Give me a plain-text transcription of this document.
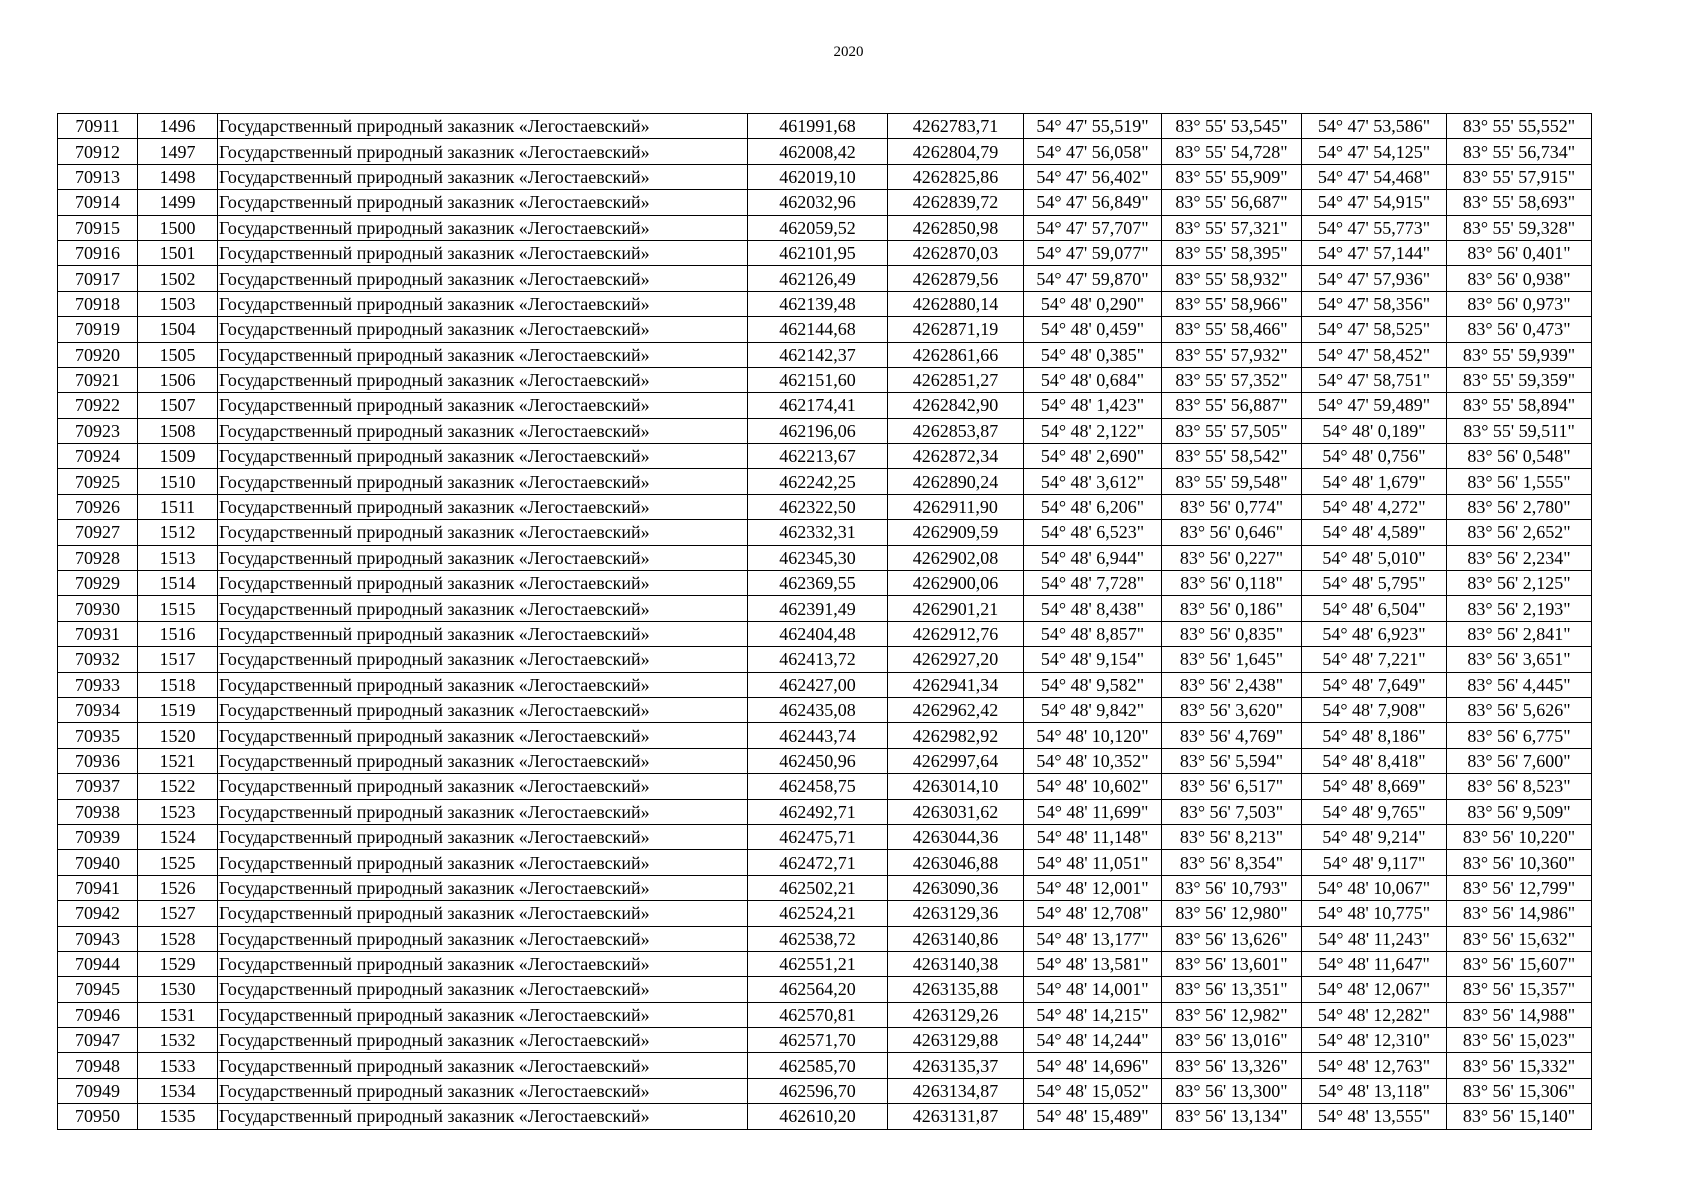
2020
70911	1496	Государственный природный заказник «Легостаевский»	461991,68	4262783,71	54° 47' 55,519"	83° 55' 53,545"	54° 47' 53,586"	83° 55' 55,552"
70912	1497	Государственный природный заказник «Легостаевский»	462008,42	4262804,79	54° 47' 56,058"	83° 55' 54,728"	54° 47' 54,125"	83° 55' 56,734"
70913	1498	Государственный природный заказник «Легостаевский»	462019,10	4262825,86	54° 47' 56,402"	83° 55' 55,909"	54° 47' 54,468"	83° 55' 57,915"
70914	1499	Государственный природный заказник «Легостаевский»	462032,96	4262839,72	54° 47' 56,849"	83° 55' 56,687"	54° 47' 54,915"	83° 55' 58,693"
70915	1500	Государственный природный заказник «Легостаевский»	462059,52	4262850,98	54° 47' 57,707"	83° 55' 57,321"	54° 47' 55,773"	83° 55' 59,328"
70916	1501	Государственный природный заказник «Легостаевский»	462101,95	4262870,03	54° 47' 59,077"	83° 55' 58,395"	54° 47' 57,144"	83° 56' 0,401"
70917	1502	Государственный природный заказник «Легостаевский»	462126,49	4262879,56	54° 47' 59,870"	83° 55' 58,932"	54° 47' 57,936"	83° 56' 0,938"
70918	1503	Государственный природный заказник «Легостаевский»	462139,48	4262880,14	54° 48' 0,290"	83° 55' 58,966"	54° 47' 58,356"	83° 56' 0,973"
70919	1504	Государственный природный заказник «Легостаевский»	462144,68	4262871,19	54° 48' 0,459"	83° 55' 58,466"	54° 47' 58,525"	83° 56' 0,473"
70920	1505	Государственный природный заказник «Легостаевский»	462142,37	4262861,66	54° 48' 0,385"	83° 55' 57,932"	54° 47' 58,452"	83° 55' 59,939"
70921	1506	Государственный природный заказник «Легостаевский»	462151,60	4262851,27	54° 48' 0,684"	83° 55' 57,352"	54° 47' 58,751"	83° 55' 59,359"
70922	1507	Государственный природный заказник «Легостаевский»	462174,41	4262842,90	54° 48' 1,423"	83° 55' 56,887"	54° 47' 59,489"	83° 55' 58,894"
70923	1508	Государственный природный заказник «Легостаевский»	462196,06	4262853,87	54° 48' 2,122"	83° 55' 57,505"	54° 48' 0,189"	83° 55' 59,511"
70924	1509	Государственный природный заказник «Легостаевский»	462213,67	4262872,34	54° 48' 2,690"	83° 55' 58,542"	54° 48' 0,756"	83° 56' 0,548"
70925	1510	Государственный природный заказник «Легостаевский»	462242,25	4262890,24	54° 48' 3,612"	83° 55' 59,548"	54° 48' 1,679"	83° 56' 1,555"
70926	1511	Государственный природный заказник «Легостаевский»	462322,50	4262911,90	54° 48' 6,206"	83° 56' 0,774"	54° 48' 4,272"	83° 56' 2,780"
70927	1512	Государственный природный заказник «Легостаевский»	462332,31	4262909,59	54° 48' 6,523"	83° 56' 0,646"	54° 48' 4,589"	83° 56' 2,652"
70928	1513	Государственный природный заказник «Легостаевский»	462345,30	4262902,08	54° 48' 6,944"	83° 56' 0,227"	54° 48' 5,010"	83° 56' 2,234"
70929	1514	Государственный природный заказник «Легостаевский»	462369,55	4262900,06	54° 48' 7,728"	83° 56' 0,118"	54° 48' 5,795"	83° 56' 2,125"
70930	1515	Государственный природный заказник «Легостаевский»	462391,49	4262901,21	54° 48' 8,438"	83° 56' 0,186"	54° 48' 6,504"	83° 56' 2,193"
70931	1516	Государственный природный заказник «Легостаевский»	462404,48	4262912,76	54° 48' 8,857"	83° 56' 0,835"	54° 48' 6,923"	83° 56' 2,841"
70932	1517	Государственный природный заказник «Легостаевский»	462413,72	4262927,20	54° 48' 9,154"	83° 56' 1,645"	54° 48' 7,221"	83° 56' 3,651"
70933	1518	Государственный природный заказник «Легостаевский»	462427,00	4262941,34	54° 48' 9,582"	83° 56' 2,438"	54° 48' 7,649"	83° 56' 4,445"
70934	1519	Государственный природный заказник «Легостаевский»	462435,08	4262962,42	54° 48' 9,842"	83° 56' 3,620"	54° 48' 7,908"	83° 56' 5,626"
70935	1520	Государственный природный заказник «Легостаевский»	462443,74	4262982,92	54° 48' 10,120"	83° 56' 4,769"	54° 48' 8,186"	83° 56' 6,775"
70936	1521	Государственный природный заказник «Легостаевский»	462450,96	4262997,64	54° 48' 10,352"	83° 56' 5,594"	54° 48' 8,418"	83° 56' 7,600"
70937	1522	Государственный природный заказник «Легостаевский»	462458,75	4263014,10	54° 48' 10,602"	83° 56' 6,517"	54° 48' 8,669"	83° 56' 8,523"
70938	1523	Государственный природный заказник «Легостаевский»	462492,71	4263031,62	54° 48' 11,699"	83° 56' 7,503"	54° 48' 9,765"	83° 56' 9,509"
70939	1524	Государственный природный заказник «Легостаевский»	462475,71	4263044,36	54° 48' 11,148"	83° 56' 8,213"	54° 48' 9,214"	83° 56' 10,220"
70940	1525	Государственный природный заказник «Легостаевский»	462472,71	4263046,88	54° 48' 11,051"	83° 56' 8,354"	54° 48' 9,117"	83° 56' 10,360"
70941	1526	Государственный природный заказник «Легостаевский»	462502,21	4263090,36	54° 48' 12,001"	83° 56' 10,793"	54° 48' 10,067"	83° 56' 12,799"
70942	1527	Государственный природный заказник «Легостаевский»	462524,21	4263129,36	54° 48' 12,708"	83° 56' 12,980"	54° 48' 10,775"	83° 56' 14,986"
70943	1528	Государственный природный заказник «Легостаевский»	462538,72	4263140,86	54° 48' 13,177"	83° 56' 13,626"	54° 48' 11,243"	83° 56' 15,632"
70944	1529	Государственный природный заказник «Легостаевский»	462551,21	4263140,38	54° 48' 13,581"	83° 56' 13,601"	54° 48' 11,647"	83° 56' 15,607"
70945	1530	Государственный природный заказник «Легостаевский»	462564,20	4263135,88	54° 48' 14,001"	83° 56' 13,351"	54° 48' 12,067"	83° 56' 15,357"
70946	1531	Государственный природный заказник «Легостаевский»	462570,81	4263129,26	54° 48' 14,215"	83° 56' 12,982"	54° 48' 12,282"	83° 56' 14,988"
70947	1532	Государственный природный заказник «Легостаевский»	462571,70	4263129,88	54° 48' 14,244"	83° 56' 13,016"	54° 48' 12,310"	83° 56' 15,023"
70948	1533	Государственный природный заказник «Легостаевский»	462585,70	4263135,37	54° 48' 14,696"	83° 56' 13,326"	54° 48' 12,763"	83° 56' 15,332"
70949	1534	Государственный природный заказник «Легостаевский»	462596,70	4263134,87	54° 48' 15,052"	83° 56' 13,300"	54° 48' 13,118"	83° 56' 15,306"
70950	1535	Государственный природный заказник «Легостаевский»	462610,20	4263131,87	54° 48' 15,489"	83° 56' 13,134"	54° 48' 13,555"	83° 56' 15,140"
